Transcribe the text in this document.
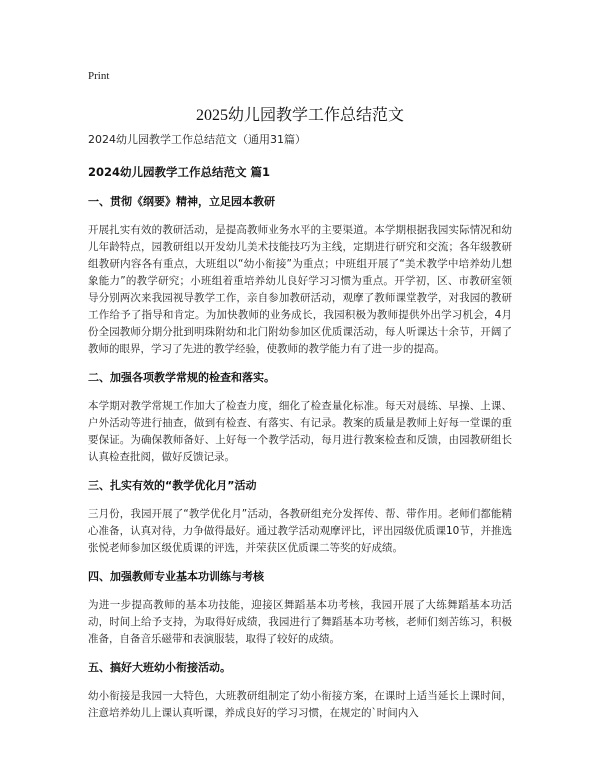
Print
2025幼儿园教学工作总结范文

2024幼儿园教学工作总结范文（通用31篇）

2024幼儿园教学工作总结范文 篇1

一、贯彻《纲要》精神，立足园本教研

开展扎实有效的教研活动，是提高教师业务水平的主要渠道。本学期根据我园实际情况和幼儿年龄特点，园教研组以开发幼儿美术技能技巧为主线，定期进行研究和交流；各年级教研组教研内容各有重点，大班组以“幼小衔接”为重点；中班组开展了“美术教学中培养幼儿想象能力”的教学研究；小班组着重培养幼儿良好学习习惯为重点。开学初，区、市教研室领导分别两次来我园视导教学工作，亲自参加教研活动，观摩了教师课堂教学，对我园的教研工作给予了指导和肯定。为加快教师的业务成长，我园积极为教师提供外出学习机会，4月份全园教师分期分批到明珠附幼和北门附幼参加区优质课活动，每人听课达十余节，开阔了教师的眼界，学习了先进的教学经验，使教师的教学能力有了进一步的提高。

二、加强各项教学常规的检查和落实。

本学期对教学常规工作加大了检查力度，细化了检查量化标准。每天对晨练、早操、上课、户外活动等进行抽查，做到有检查、有落实、有记录。教案的质量是教师上好每一堂课的重要保证。为确保教师备好、上好每一个教学活动，每月进行教案检查和反馈，由园教研组长认真检查批阅，做好反馈记录。

三、扎实有效的“教学优化月”活动

三月份，我园开展了“教学优化月”活动，各教研组充分发挥传、帮、带作用。老师们都能精心准备，认真对待，力争做得最好。通过教学活动观摩评比，评出园级优质课10节，并推选张悦老师参加区级优质课的评选，并荣获区优质课二等奖的好成绩。

四、加强教师专业基本功训练与考核

为进一步提高教师的基本功技能，迎接区舞蹈基本功考核，我园开展了大练舞蹈基本功活动，时间上给予支持，为取得好成绩，我园进行了舞蹈基本功考核，老师们刻苦练习，积极准备，自备音乐磁带和表演服装，取得了较好的成绩。

五、搞好大班幼小衔接活动。

幼小衔接是我园一大特色，大班教研组制定了幼小衔接方案，在课时上适当延长上课时间，注意培养幼儿上课认真听课，养成良好的学习习惯，在规定的`时间内入
